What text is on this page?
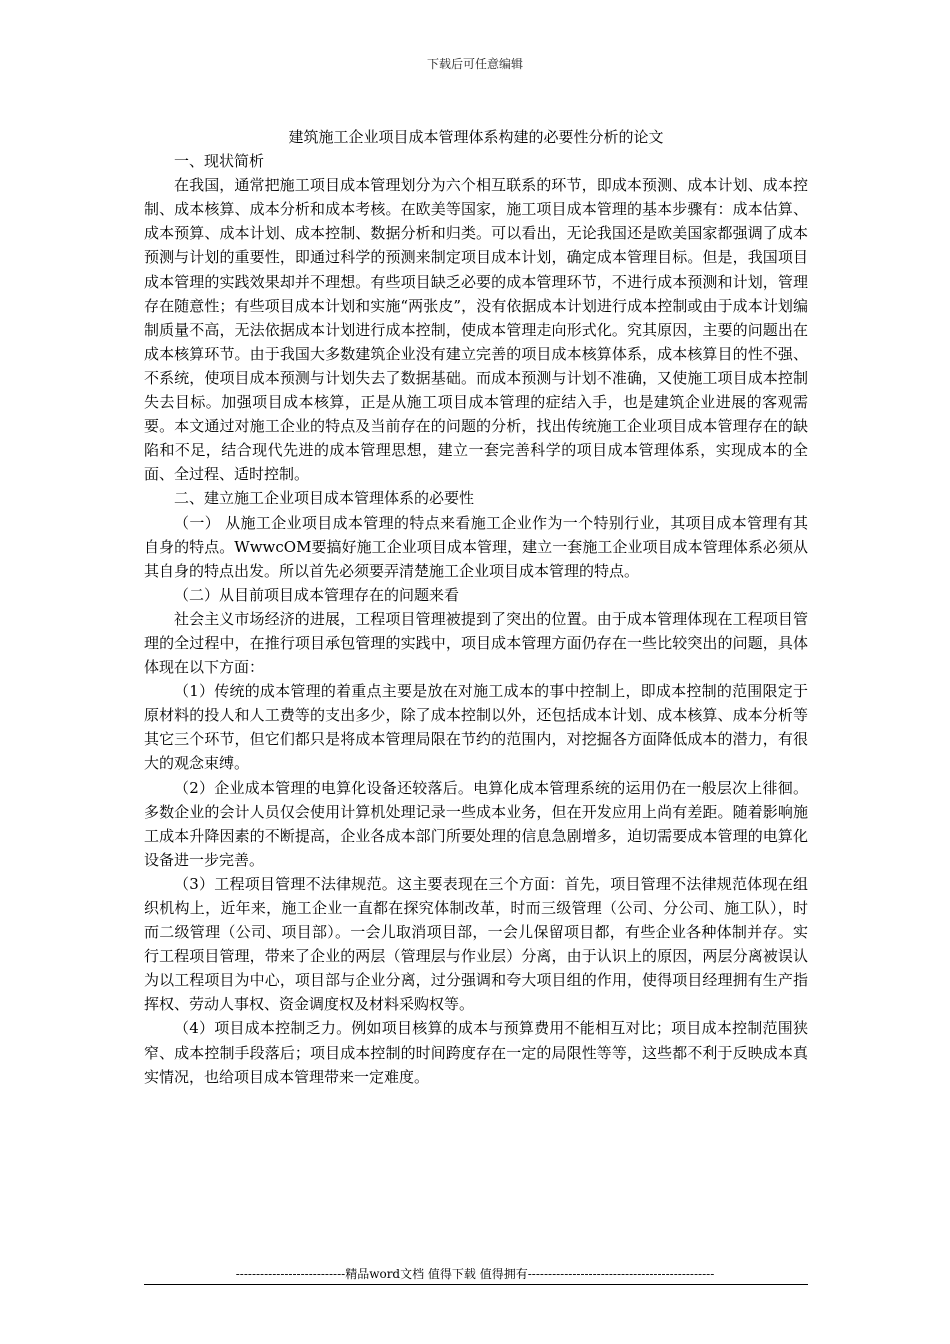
下载后可任意编辑
建筑施工企业项目成本管理体系构建的必要性分析的论文

一、现状简析

在我国，通常把施工项目成本管理划分为六个相互联系的环节，即成本预测、成本计划、成本控制、成本核算、成本分析和成本考核。在欧美等国家，施工项目成本管理的基本步骤有：成本估算、成本预算、成本计划、成本控制、数据分析和归类。可以看出，无论我国还是欧美国家都强调了成本预测与计划的重要性，即通过科学的预测来制定项目成本计划，确定成本管理目标。但是，我国项目成本管理的实践效果却并不理想。有些项目缺乏必要的成本管理环节，不进行成本预测和计划，管理存在随意性；有些项目成本计划和实施“两张皮”，没有依据成本计划进行成本控制或由于成本计划编制质量不高，无法依据成本计划进行成本控制，使成本管理走向形式化。究其原因，主要的问题出在成本核算环节。由于我国大多数建筑企业没有建立完善的项目成本核算体系，成本核算目的性不强、不系统，使项目成本预测与计划失去了数据基础。而成本预测与计划不准确，又使施工项目成本控制失去目标。加强项目成本核算，正是从施工项目成本管理的症结入手，也是建筑企业进展的客观需要。本文通过对施工企业的特点及当前存在的问题的分析，找出传统施工企业项目成本管理存在的缺陷和不足，结合现代先进的成本管理思想，建立一套完善科学的项目成本管理体系，实现成本的全面、全过程、适时控制。

二、建立施工企业项目成本管理体系的必要性

（一） 从施工企业项目成本管理的特点来看施工企业作为一个特别行业，其项目成本管理有其自身的特点。WwwcOM要搞好施工企业项目成本管理，建立一套施工企业项目成本管理体系必须从其自身的特点出发。所以首先必须要弄清楚施工企业项目成本管理的特点。

（二）从目前项目成本管理存在的问题来看

社会主义市场经济的进展，工程项目管理被提到了突出的位置。由于成本管理体现在工程项目管理的全过程中，在推行项目承包管理的实践中，项目成本管理方面仍存在一些比较突出的问题，具体体现在以下方面：

（1）传统的成本管理的着重点主要是放在对施工成本的事中控制上，即成本控制的范围限定于原材料的投人和人工费等的支出多少，除了成本控制以外，还包括成本计划、成本核算、成本分析等其它三个环节，但它们都只是将成本管理局限在节约的范围内，对挖掘各方面降低成本的潜力，有很大的观念束缚。

（2）企业成本管理的电算化设备还较落后。电算化成本管理系统的运用仍在一般层次上徘徊。多数企业的会计人员仅会使用计算机处理记录一些成本业务，但在开发应用上尚有差距。随着影响施工成本升降因素的不断提高，企业各成本部门所要处理的信息急剧增多，迫切需要成本管理的电算化设备进一步完善。

（3）工程项目管理不法律规范。这主要表现在三个方面：首先，项目管理不法律规范体现在组织机构上，近年来，施工企业一直都在探究体制改革，时而三级管理（公司、分公司、施工队），时而二级管理（公司、项目部）。一会儿取消项目部，一会儿保留项目都，有些企业各种体制并存。实行工程项目管理，带来了企业的两层（管理层与作业层）分离，由于认识上的原因，两层分离被误认为以工程项目为中心，项目部与企业分离，过分强调和夸大项目组的作用，使得项目经理拥有生产指挥权、劳动人事权、资金调度权及材料采购权等。

（4）项目成本控制乏力。例如项目核算的成本与预算费用不能相互对比；项目成本控制范围狭窄、成本控制手段落后；项目成本控制的时间跨度存在一定的局限性等等，这些都不利于反映成本真实情况，也给项目成本管理带来一定难度。

---------------------------精品word文档 值得下载 值得拥有----------------------------------------------
